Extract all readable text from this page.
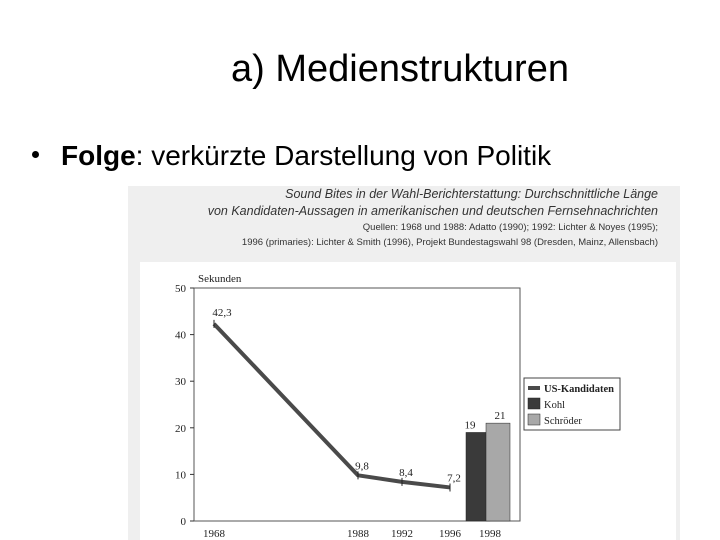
a) Medienstrukturen
Folge: verkürzte Darstellung von Politik
Sound Bites in der Wahl-Berichterstattung: Durchschnittliche Länge
von Kandidaten-Aussagen in amerikanischen und deutschen Fernsehnachrichten
Quellen: 1968 und 1988: Adatto (1990); 1992: Lichter & Noyes (1995);
1996 (primaries): Lichter & Smith (1996), Projekt Bundestagswahl 98 (Dresden, Mainz, Allensbach)
0
10
20
30
40
50
Sekunden
1968	1988 1992 1996 1998
19
21
42,3
9,8
8,4	7,2
US-Kandidaten
Kohl
Schröder
